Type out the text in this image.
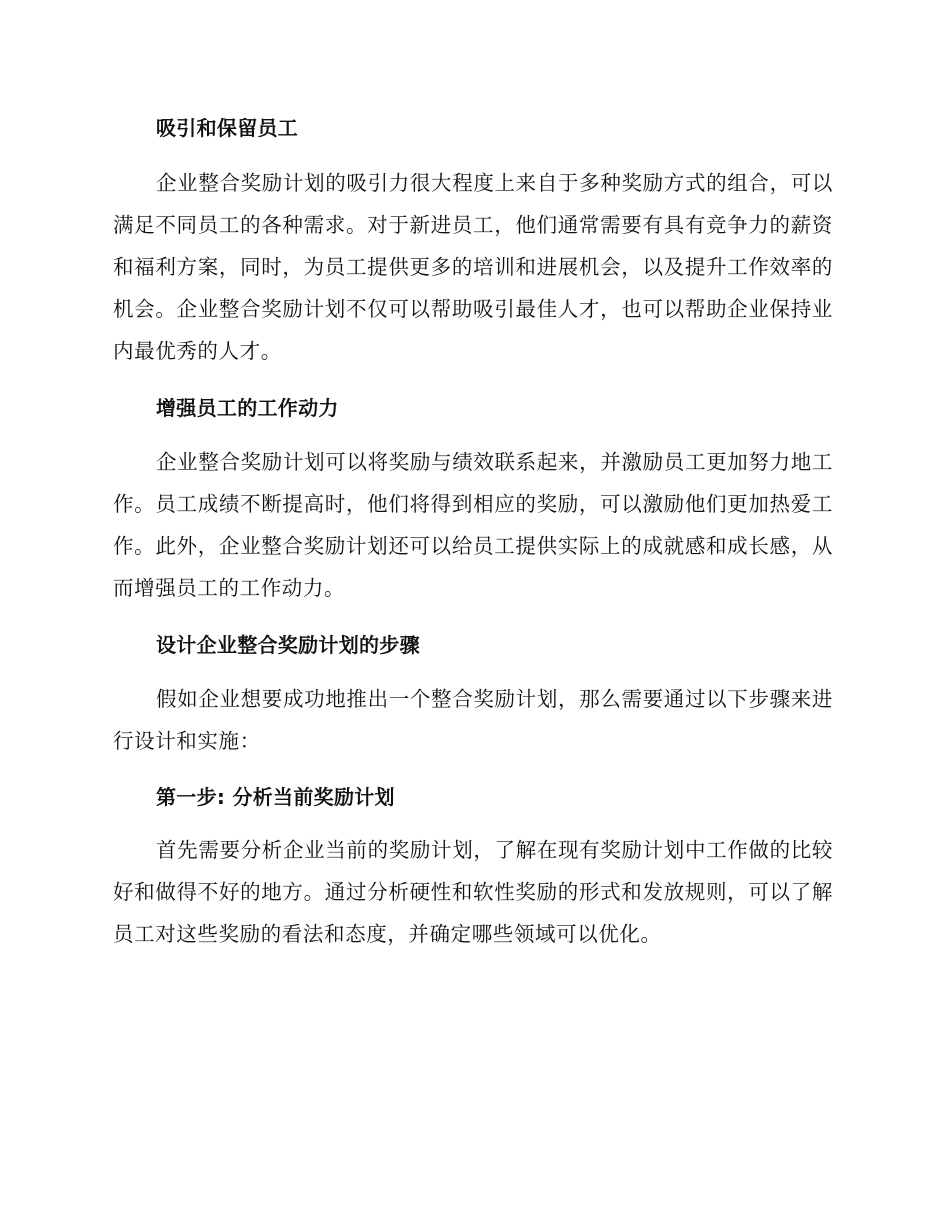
吸引和保留员工

企业整合奖励计划的吸引力很大程度上来自于多种奖励方式的组合，可以满足不同员工的各种需求。对于新进员工，他们通常需要有具有竞争力的薪资和福利方案，同时，为员工提供更多的培训和进展机会，以及提升工作效率的机会。企业整合奖励计划不仅可以帮助吸引最佳人才，也可以帮助企业保持业内最优秀的人才。

增强员工的工作动力

企业整合奖励计划可以将奖励与绩效联系起来，并激励员工更加努力地工作。员工成绩不断提高时，他们将得到相应的奖励，可以激励他们更加热爱工作。此外，企业整合奖励计划还可以给员工提供实际上的成就感和成长感，从而增强员工的工作动力。

设计企业整合奖励计划的步骤

假如企业想要成功地推出一个整合奖励计划，那么需要通过以下步骤来进行设计和实施：

第一步: 分析当前奖励计划

首先需要分析企业当前的奖励计划，了解在现有奖励计划中工作做的比较好和做得不好的地方。通过分析硬性和软性奖励的形式和发放规则，可以了解员工对这些奖励的看法和态度，并确定哪些领域可以优化。
